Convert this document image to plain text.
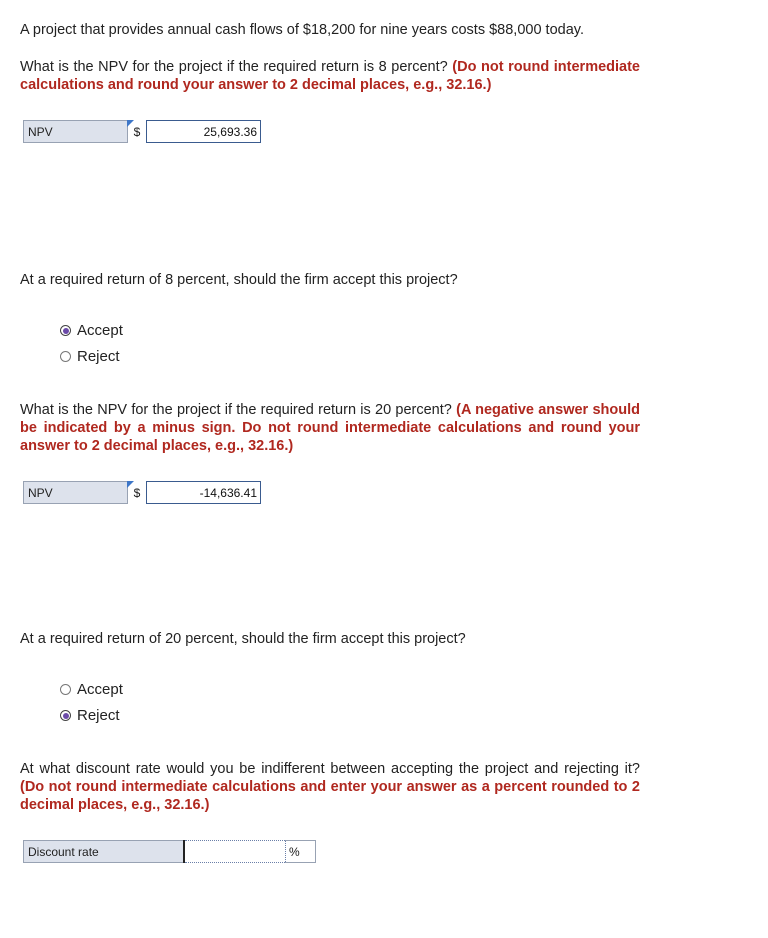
A project that provides annual cash flows of $18,200 for nine years costs $88,000 today.
What is the NPV for the project if the required return is 8 percent? (Do not round intermediate calculations and round your answer to 2 decimal places, e.g., 32.16.)
NPV	$	25,693.36
At a required return of 8 percent, should the firm accept this project?
Accept
Reject
What is the NPV for the project if the required return is 20 percent? (A negative answer should be indicated by a minus sign. Do not round intermediate calculations and round your answer to 2 decimal places, e.g., 32.16.)
NPV	$	-14,636.41
At a required return of 20 percent, should the firm accept this project?
Accept
Reject
At what discount rate would you be indifferent between accepting the project and rejecting it? (Do not round intermediate calculations and enter your answer as a percent rounded to 2 decimal places, e.g., 32.16.)
Discount rate		%
